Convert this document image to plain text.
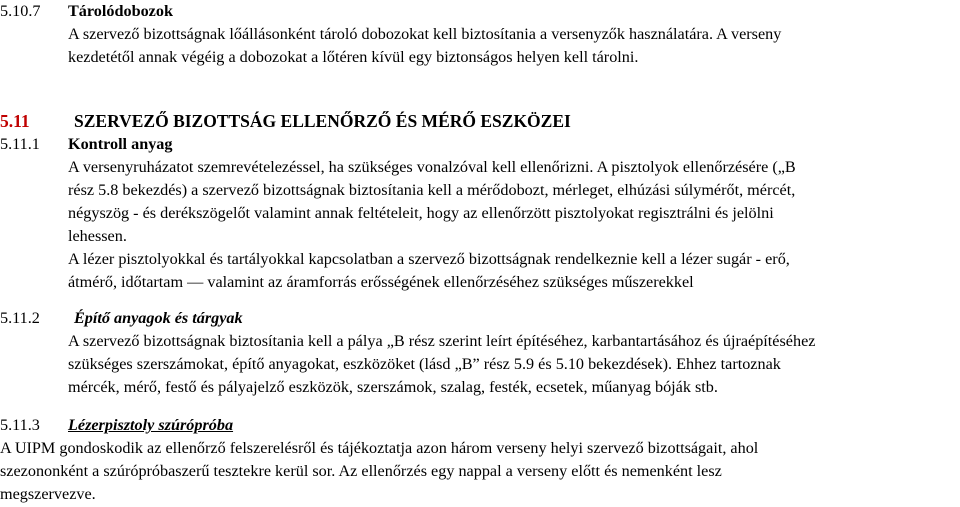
5.10.7 Tárolódobozok
A szervező bizottságnak lőállásonként tároló dobozokat kell biztosítania a versenyzők használatára. A verseny
kezdetétől annak végéig a dobozokat a lőtéren kívül egy biztonságos helyen kell tárolni.
5.11	SZERVEZŐ BIZOTTSÁG ELLENŐRZŐ ÉS MÉRŐ ESZKÖZEI
5.11.1 Kontroll anyag
A versenyruházatot szemrevételezéssel, ha szükséges vonalzóval kell ellenőrizni. A pisztolyok ellenőrzésére („B
rész 5.8 bekezdés) a szervező bizottságnak biztosítania kell a mérődobozt, mérleget, elhúzási súlymérőt, mércét,
négyszög - és derékszögelőt valamint annak feltételeit, hogy az ellenőrzött pisztolyokat regisztrálni és jelölni
lehessen.
A lézer pisztolyokkal és tartályokkal kapcsolatban a szervező bizottságnak rendelkeznie kell a lézer sugár - erő,
átmérő, időtartam — valamint az áramforrás erősségének ellenőrzéséhez szükséges műszerekkel
5.11.2 Építő anyagok és tárgyak
A szervező bizottságnak biztosítania kell a pálya „B rész szerint leírt építéséhez, karbantartásához és újraépítéséhez
szükséges szerszámokat, építő anyagokat, eszközöket (lásd „B” rész 5.9 és 5.10 bekezdések). Ehhez tartoznak
mércék, mérő, festő és pályajelző eszközök, szerszámok, szalag, festék, ecsetek, műanyag bóják stb.
5.11.3 Lézerpisztoly szúrópróba
A UIPM gondoskodik az ellenőrző felszerelésről és tájékoztatja azon három verseny helyi szervező bizottságait, ahol
szezononként a szúrópróbaszerű tesztekre kerül sor. Az ellenőrzés egy nappal a verseny előtt és nemenként lesz
megszervezve.
